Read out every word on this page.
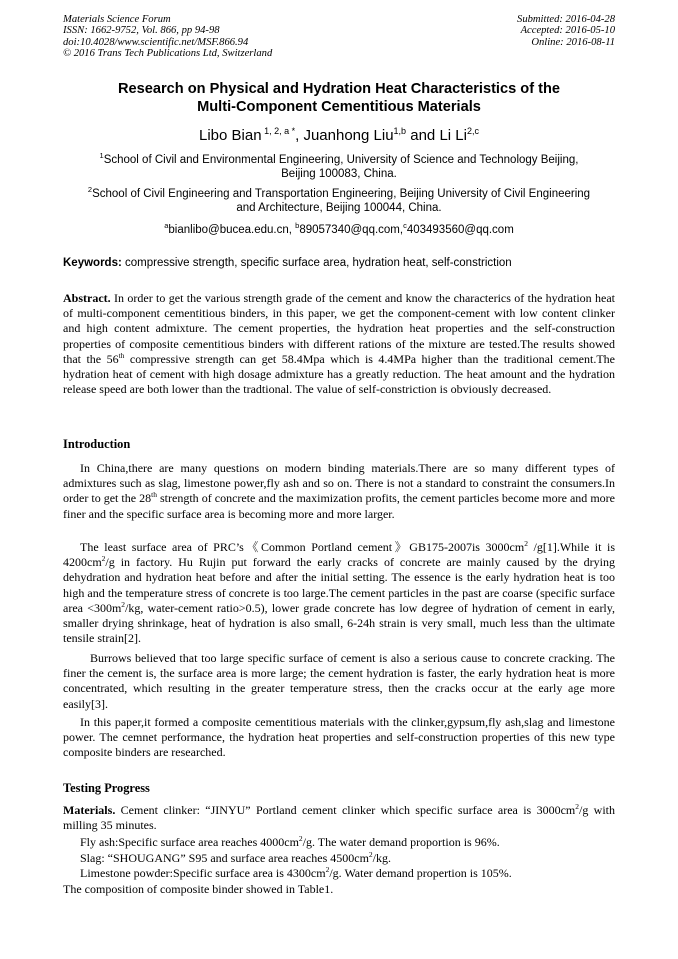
Materials Science Forum
ISSN: 1662-9752, Vol. 866, pp 94-98
doi:10.4028/www.scientific.net/MSF.866.94
© 2016 Trans Tech Publications Ltd, Switzerland
Submitted: 2016-04-28
Accepted: 2016-05-10
Online: 2016-08-11
Research on Physical and Hydration Heat Characteristics of the
Multi-Component Cementitious Materials
Libo Bian $^{1, 2, a *}$, Juanhong Liu$^{1,b}$ and Li Li$^{2,c}$
$^1$School of Civil and Environmental Engineering, University of Science and Technology Beijing,
Beijing 100083, China.
$^2$School of Civil Engineering and Transportation Engineering, Beijing University of Civil Engineering
and Architecture, Beijing 100044, China.
$^a$bianlibo@bucea.edu.cn, $^b$89057340@qq.com,$^c$403493560@qq.com
Keywords: compressive strength, specific surface area, hydration heat, self-constriction
Abstract. In order to get the various strength grade of the cement and know the characterics of the hydration heat of multi-component cementitious binders, in this paper, we get the component-cement with low content clinker and high content admixture. The cement properties, the hydration heat properties and the self-construction properties of composite cementitious binders with different rations of the mixture are tested.The results showed that the 56th compressive strength can get 58.4Mpa which is 4.4MPa higher than the traditional cement.The hydration heat of cement with high dosage admixture has a greatly reduction. The heat amount and the hydration release speed are both lower than the tradtional. The value of self-constriction is obviously decreased.
Introduction
In China,there are many questions on modern binding materials.There are so many different types of admixtures such as slag, limestone power,fly ash and so on. There is not a standard to constraint the consumers.In order to get the 28th strength of concrete and the maximization profits, the cement particles become more and more finer and the specific surface area is becoming more and more larger.
The least surface area of PRC’s《Common Portland cement》GB175-2007is $3000cm^2$ /g[1].While it is $4200cm^2/g$ in factory. Hu Rujin put forward the early cracks of concrete are mainly caused by the drying dehydration and hydration heat before and after the initial setting. The essence is the early hydration heat is too high and the temperature stress of concrete is too large.The cement particles in the past are coarse (specific surface area $<300m^2/kg$, water-cement ratio>0.5), lower grade concrete has low degree of hydration of cement in early, smaller drying shrinkage, heat of hydration is also small, 6-24h strain is very small, much less than the ultimate tensile strain[2].
Burrows believed that too large specific surface of cement is also a serious cause to concrete cracking. The finer the cement is, the surface area is more large; the cement hydration is faster, the early hydration heat is more concentrated, which resulting in the greater temperature stress, then the cracks occur at the early age more easily[3].
In this paper,it formed a composite cementitious materials with the clinker,gypsum,fly ash,slag and limestone power. The cemnet performance, the hydration heat properties and self-construction properties of this new type composite binders are researched.
Testing Progress
Materials. Cement clinker: “JINYU” Portland cement clinker which specific surface area is $3000cm^2/g$ with milling 35 minutes.
Fly ash:Specific surface area reaches $4000cm^2/g$. The water demand proportion is 96%.
Slag: “SHOUGANG” S95 and surface area reaches $4500cm^2/kg$.
Limestone powder:Specific surface area is $4300cm^2/g$. Water demand propertion is 105%.
The composition of composite binder showed in Table1.
